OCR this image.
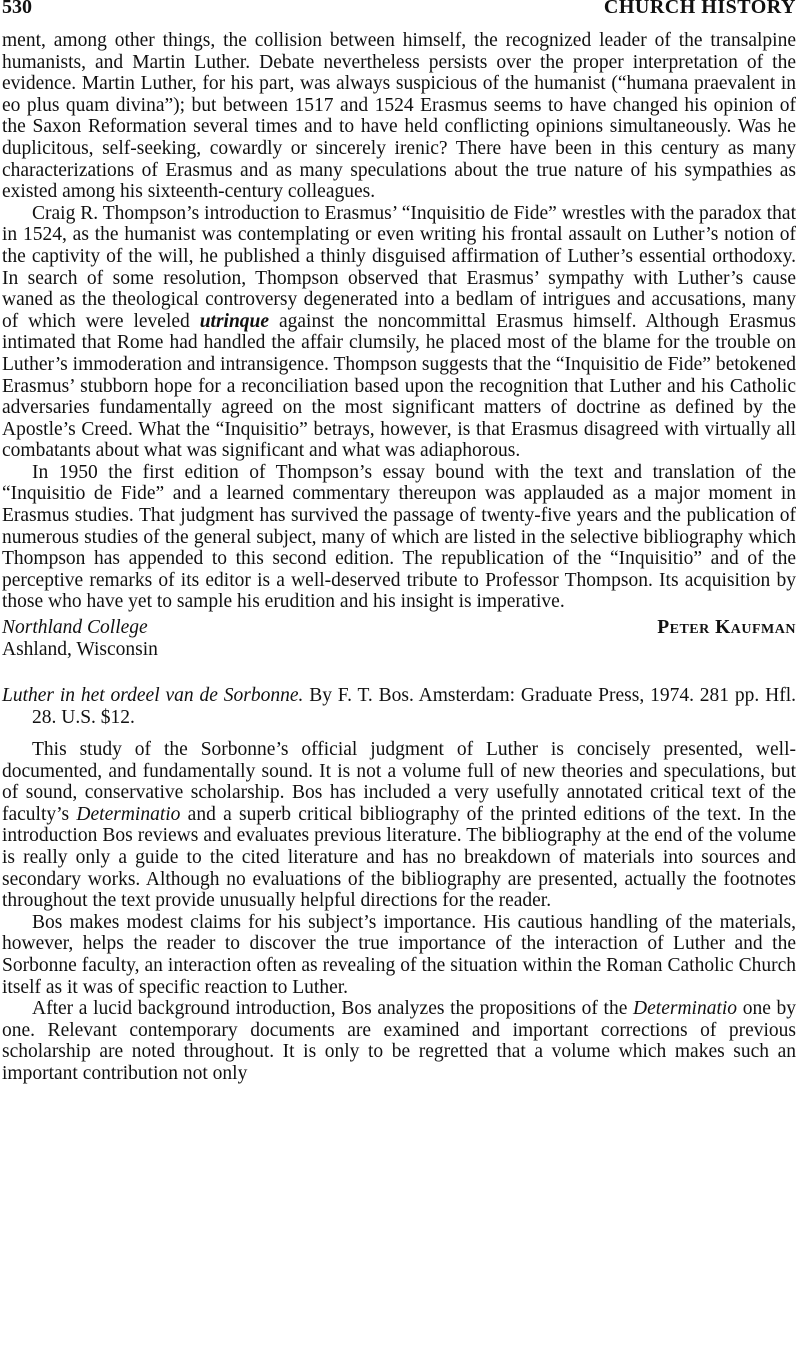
530	CHURCH HISTORY

ment, among other things, the collision between himself, the recognized leader of the transalpine humanists, and Martin Luther. Debate nevertheless persists over the proper interpretation of the evidence. Martin Luther, for his part, was always suspicious of the humanist (“humana praevalent in eo plus quam divina”); but between 1517 and 1524 Erasmus seems to have changed his opinion of the Saxon Reformation several times and to have held conflicting opinions simultaneously. Was he duplicitous, self-seeking, cowardly or sincerely irenic? There have been in this century as many characterizations of Erasmus and as many speculations about the true nature of his sympathies as existed among his sixteenth-century colleagues.

Craig R. Thompson’s introduction to Erasmus’ “Inquisitio de Fide” wrestles with the paradox that in 1524, as the humanist was contemplating or even writing his frontal assault on Luther’s notion of the captivity of the will, he published a thinly disguised affirmation of Luther’s essential orthodoxy. In search of some resolution, Thompson observed that Erasmus’ sympathy with Luther’s cause waned as the theological controversy degenerated into a bedlam of intrigues and accusations, many of which were leveled utrinque against the noncommittal Erasmus himself. Although Erasmus intimated that Rome had handled the affair clumsily, he placed most of the blame for the trouble on Luther’s immoderation and intransigence. Thompson suggests that the “Inquisitio de Fide” betokened Erasmus’ stubborn hope for a reconciliation based upon the recognition that Luther and his Catholic adversaries fundamentally agreed on the most significant matters of doctrine as defined by the Apostle’s Creed. What the “Inquisitio” betrays, however, is that Erasmus disagreed with virtually all combatants about what was significant and what was adiaphorous.

In 1950 the first edition of Thompson’s essay bound with the text and translation of the “Inquisitio de Fide” and a learned commentary thereupon was applauded as a major moment in Erasmus studies. That judgment has survived the passage of twenty-five years and the publication of numerous studies of the general subject, many of which are listed in the selective bibliography which Thompson has appended to this second edition. The republication of the “Inquisitio” and of the perceptive remarks of its editor is a well-deserved tribute to Professor Thompson. Its acquisition by those who have yet to sample his erudition and his insight is imperative.

Northland College
Ashland, Wisconsin
Peter Kaufman
Luther in het ordeel van de Sorbonne. By F. T. Bos. Amsterdam: Graduate Press, 1974. 281 pp. Hfl. 28. U.S. $12.

This study of the Sorbonne’s official judgment of Luther is concisely presented, well-documented, and fundamentally sound. It is not a volume full of new theories and speculations, but of sound, conservative scholarship. Bos has included a very usefully annotated critical text of the faculty’s Determinatio and a superb critical bibliography of the printed editions of the text. In the introduction Bos reviews and evaluates previous literature. The bibliography at the end of the volume is really only a guide to the cited literature and has no breakdown of materials into sources and secondary works. Although no evaluations of the bibliography are presented, actually the footnotes throughout the text provide unusually helpful directions for the reader.

Bos makes modest claims for his subject’s importance. His cautious handling of the materials, however, helps the reader to discover the true importance of the interaction of Luther and the Sorbonne faculty, an interaction often as revealing of the situation within the Roman Catholic Church itself as it was of specific reaction to Luther.

After a lucid background introduction, Bos analyzes the propositions of the Determinatio one by one. Relevant contemporary documents are examined and important corrections of previous scholarship are noted throughout. It is only to be regretted that a volume which makes such an important contribution not only
